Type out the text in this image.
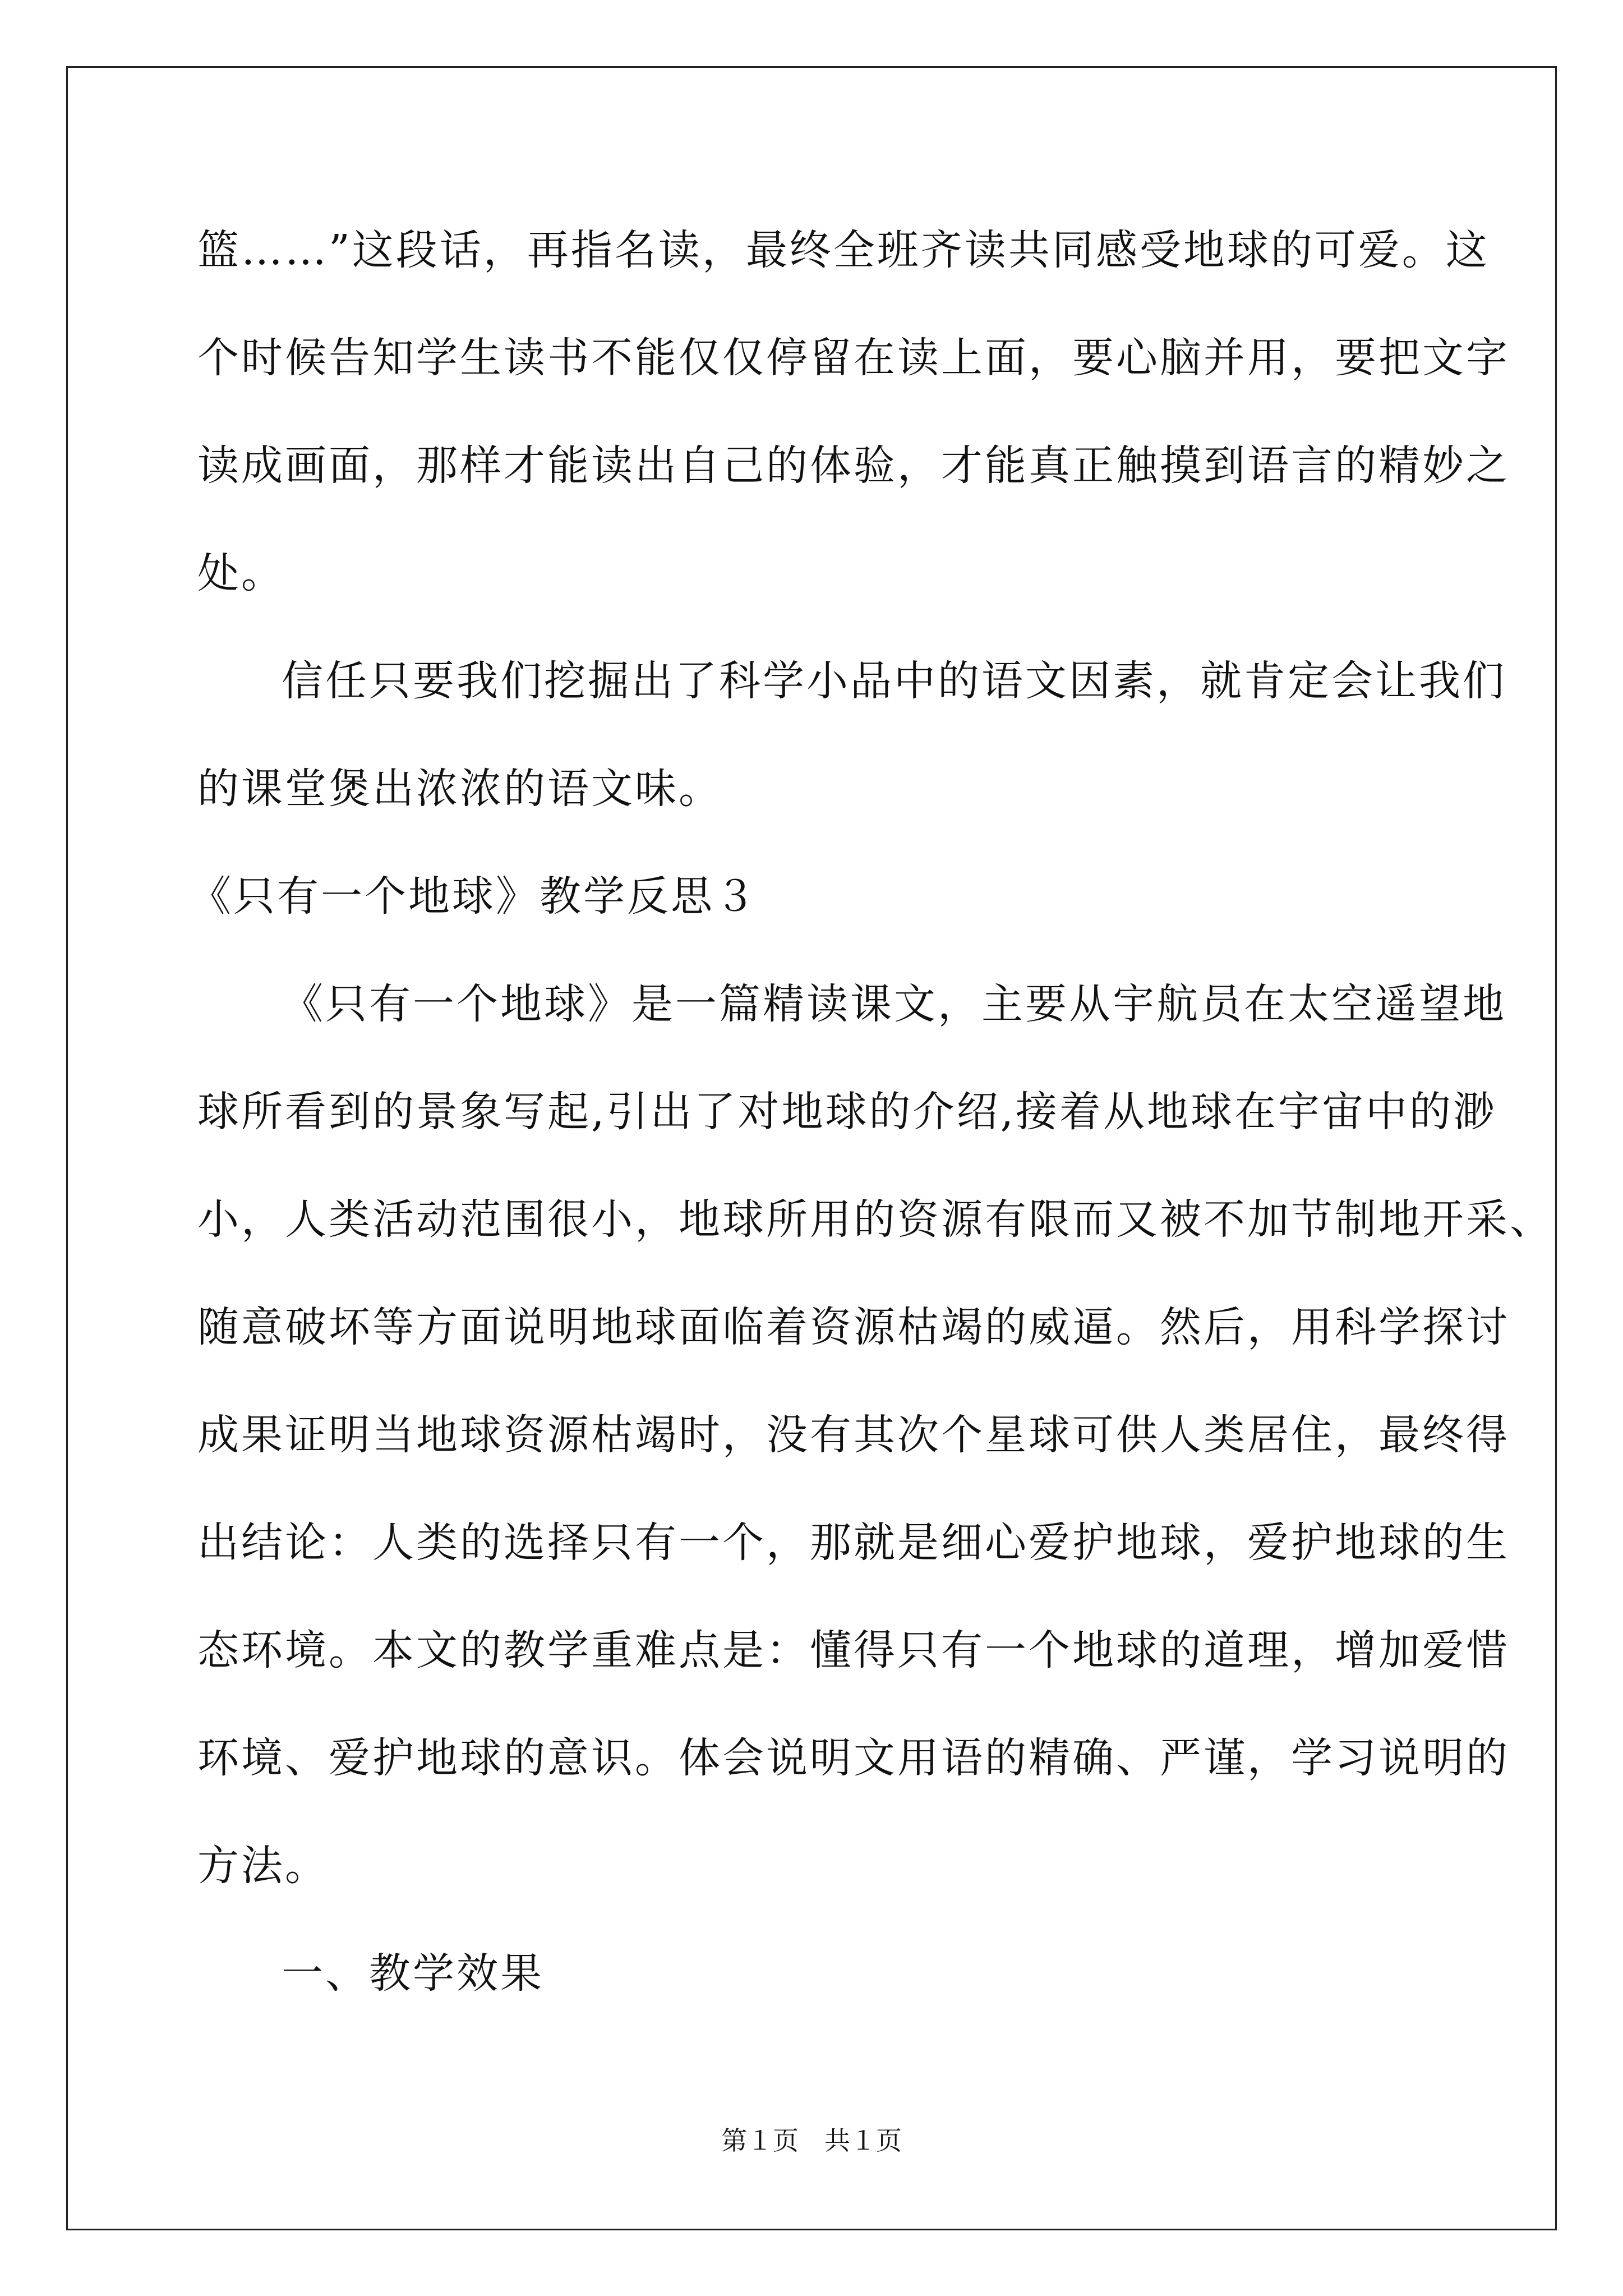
篮……”这段话，再指名读，最终全班齐读共同感受地球的可爱。这
个时候告知学生读书不能仅仅停留在读上面，要心脑并用，要把文字
读成画面，那样才能读出自己的体验，才能真正触摸到语言的精妙之
处。
信任只要我们挖掘出了科学小品中的语文因素，就肯定会让我们
的课堂煲出浓浓的语文味。
《只有一个地球》教学反思３
《只有一个地球》是一篇精读课文，主要从宇航员在太空遥望地
球所看到的景象写起,引出了对地球的介绍,接着从地球在宇宙中的渺
小，人类活动范围很小，地球所用的资源有限而又被不加节制地开采、
随意破坏等方面说明地球面临着资源枯竭的威逼。然后，用科学探讨
成果证明当地球资源枯竭时，没有其次个星球可供人类居住，最终得
出结论：人类的选择只有一个，那就是细心爱护地球，爱护地球的生
态环境。本文的教学重难点是：懂得只有一个地球的道理，增加爱惜
环境、爱护地球的意识。体会说明文用语的精确、严谨，学习说明的
方法。
一、教学效果
第１页　共１页
